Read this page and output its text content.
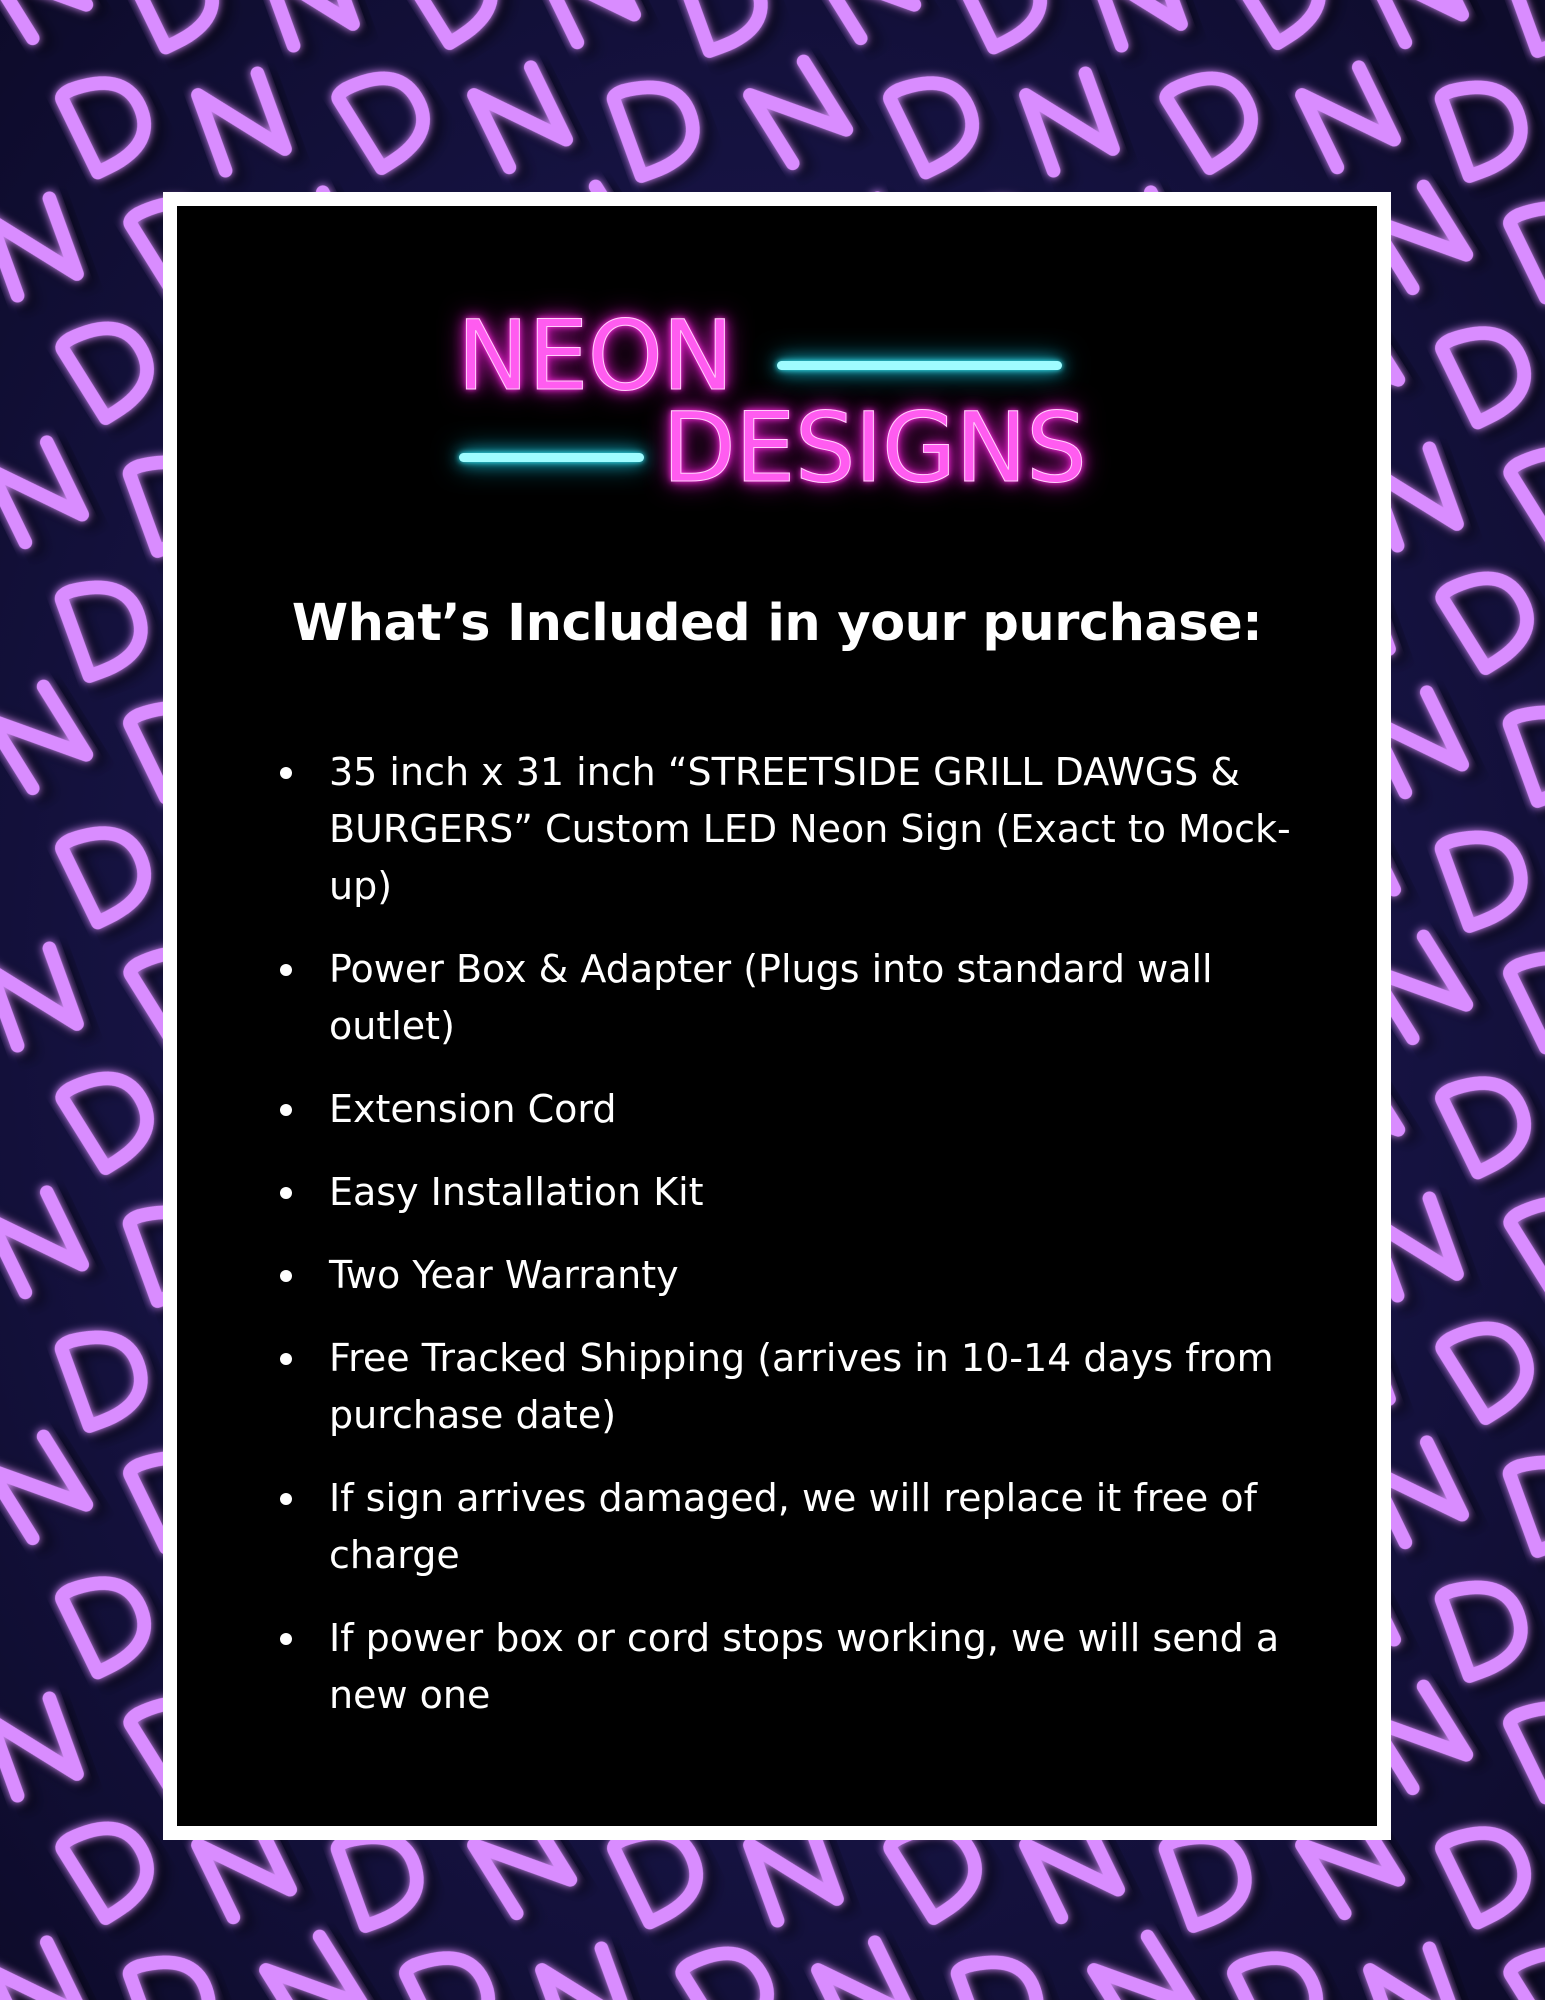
NEON
DESIGNS
What’s Included in your purchase:
35 inch x 31 inch “STREETSIDE GRILL DAWGS & BURGERS” Custom LED Neon Sign (Exact to Mock-up)
Power Box & Adapter (Plugs into standard wall outlet)
Extension Cord
Easy Installation Kit
Two Year Warranty
Free Tracked Shipping (arrives in 10-14 days from purchase date)
If sign arrives damaged, we will replace it free of charge
If power box or cord stops working, we will send a new one
